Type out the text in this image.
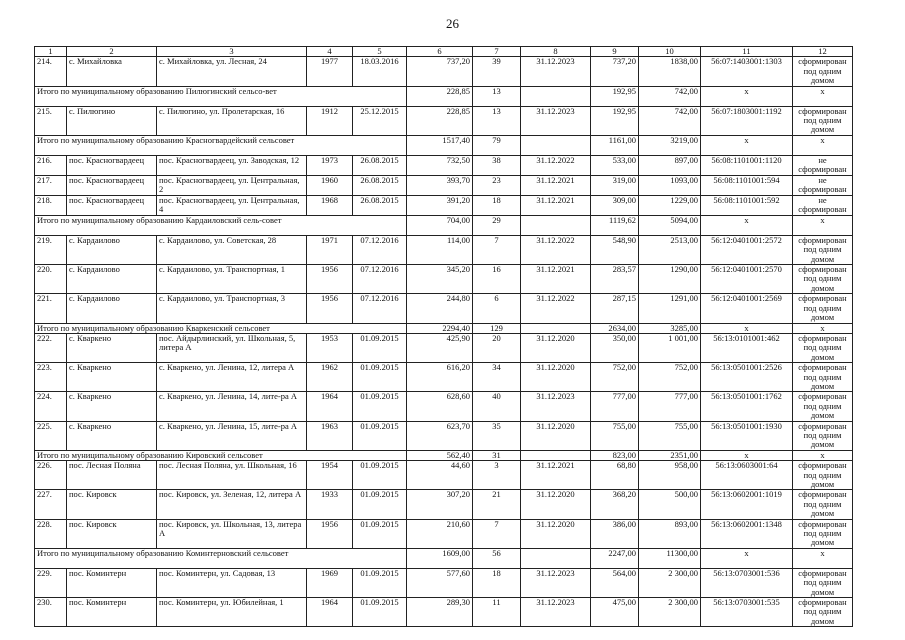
26
1	2	3	4	5	6	7	8	9	10	11	12
214.	с. Михайловка	с. Михайловка, ул. Лесная, 24	1977	18.03.2016	737,20	39	31.12.2023	737,20	1838,00	56:07:1403001:1303	сформирован под одним домом
Итого по муниципальному образованию Пилюгинский сельсо-вет					228,85	13		192,95	742,00	х	х
215.	с. Пилюгино	с. Пилюгино, ул. Пролетарская, 16	1912	25.12.2015	228,85	13	31.12.2023	192,95	742,00	56:07:1803001:1192	сформирован под одним домом
Итого по муниципальному образованию Красногвардейский сельсовет					1517,40	79		1161,00	3219,00	х	х
216.	пос. Красногвардеец	пос. Красногвардеец, ул. Заводская, 12	1973	26.08.2015	732,50	38	31.12.2022	533,00	897,00	56:08:1101001:1120	не сформирован
217.	пос. Красногвардеец	пос. Красногвардеец, ул. Центральная, 2	1960	26.08.2015	393,70	23	31.12.2021	319,00	1093,00	56:08:1101001:594	не сформирован
218.	пос. Красногвардеец	пос. Красногвардеец, ул. Центральная, 4	1968	26.08.2015	391,20	18	31.12.2021	309,00	1229,00	56:08:1101001:592	не сформирован
Итого по муниципальному образованию Кардаиловский сель-совет					704,00	29		1119,62	5094,00	х	х
219.	с. Кардаилово	с. Кардаилово, ул. Советская, 28	1971	07.12.2016	114,00	7	31.12.2022	548,90	2513,00	56:12:0401001:2572	сформирован под одним домом
220.	с. Кардаилово	с. Кардаилово, ул. Транспортная, 1	1956	07.12.2016	345,20	16	31.12.2021	283,57	1290,00	56:12:0401001:2570	сформирован под одним домом
221.	с. Кардаилово	с. Кардаилово, ул. Транспортная, 3	1956	07.12.2016	244,80	6	31.12.2022	287,15	1291,00	56:12:0401001:2569	сформирован под одним домом
Итого по муниципальному образованию Кваркенский сельсовет					2294,40	129		2634,00	3285,00	х	х
222.	с. Кваркено	пос. Айдырлинский, ул. Школьная, 5, литера А	1953	01.09.2015	425,90	20	31.12.2020	350,00	1 001,00	56:13:0101001:462	сформирован под одним домом
223.	с. Кваркено	с. Кваркено, ул. Ленина, 12, литера А	1962	01.09.2015	616,20	34	31.12.2020	752,00	752,00	56:13:0501001:2526	сформирован под одним домом
224.	с. Кваркено	с. Кваркено, ул. Ленина, 14, лите-ра А	1964	01.09.2015	628,60	40	31.12.2023	777,00	777,00	56:13:0501001:1762	сформирован под одним домом
225.	с. Кваркено	с. Кваркено, ул. Ленина, 15, лите-ра А	1963	01.09.2015	623,70	35	31.12.2020	755,00	755,00	56:13:0501001:1930	сформирован под одним домом
Итого по муниципальному образованию Кировский сельсовет					562,40	31		823,00	2351,00	х	х
226.	пос. Лесная Поляна	пос. Лесная Поляна, ул. Школьная, 16	1954	01.09.2015	44,60	3	31.12.2021	68,80	958,00	56:13:0603001:64	сформирован под одним домом
227.	пос. Кировск	пос. Кировск, ул. Зеленая, 12, литера А	1933	01.09.2015	307,20	21	31.12.2020	368,20	500,00	56:13:0602001:1019	сформирован под одним домом
228.	пос. Кировск	пос. Кировск, ул. Школьная, 13, литера А	1956	01.09.2015	210,60	7	31.12.2020	386,00	893,00	56:13:0602001:1348	сформирован под одним домом
Итого по муниципальному образованию Коминтерновский сельсовет					1609,00	56		2247,00	11300,00	х	х
229.	пос. Коминтерн	пос. Коминтерн, ул. Садовая, 13	1969	01.09.2015	577,60	18	31.12.2023	564,00	2 300,00	56:13:0703001:536	сформирован под одним домом
230.	пос. Коминтерн	пос. Коминтерн, ул. Юбилейная, 1	1964	01.09.2015	289,30	11	31.12.2023	475,00	2 300,00	56:13:0703001:535	сформирован под одним домом
